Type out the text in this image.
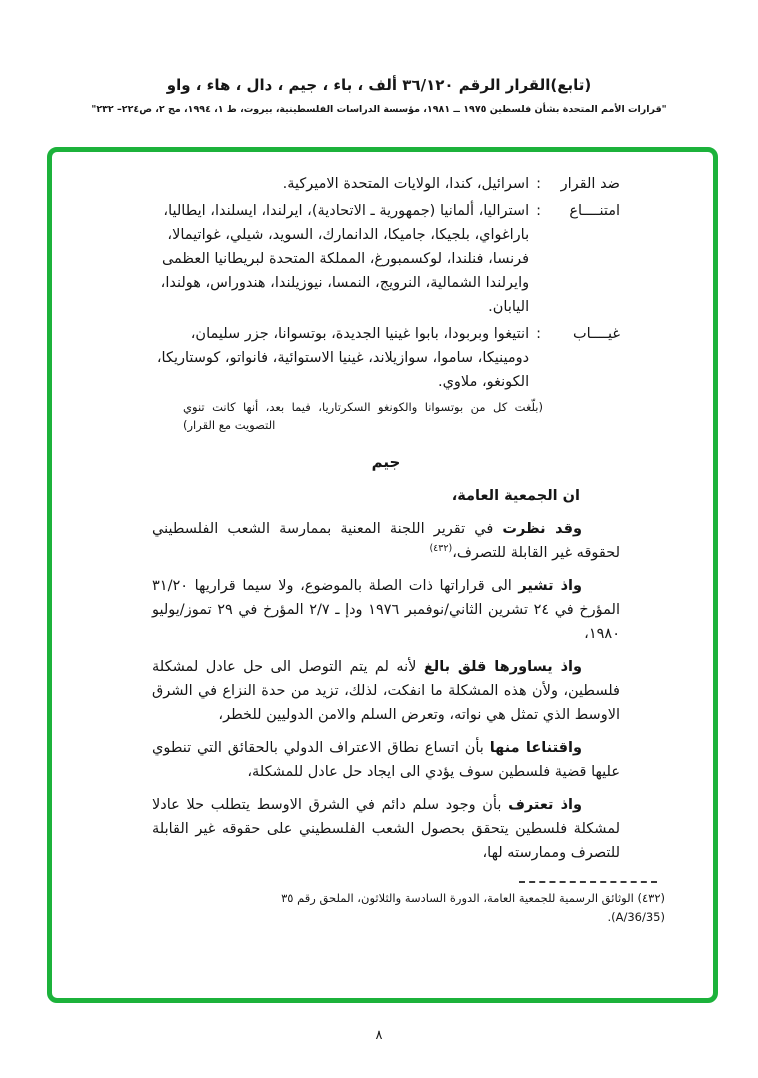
(تابع)القرار الرقم ٣٦/١٢٠ ألف ، باء ، جيم ، دال ، هاء ، واو
"قرارات الأمم المتحدة بشأن فلسطين ١٩٧٥ ــ ١٩٨١، مؤسسة الدراسات الفلسطينية، بيروت، ط ١، ١٩٩٤، مج ٢، ص٢٢٤– ٢٣٢"
ضد القرار
:
اسرائيل، كندا، الولايات المتحدة الاميركية.
امتنــــاع
:
استراليا، ألمانيا (جمهورية ـ الاتحادية)، ايرلندا، ايسلندا، ايطاليا، باراغواي، بلجيكا، جاميكا، الدانمارك، السويد، شيلي، غواتيمالا، فرنسا، فنلندا، لوكسمبورغ، المملكة المتحدة لبريطانيا العظمى وايرلندا الشمالية، النرويج، النمسا، نيوزيلندا، هندوراس، هولندا، اليابان.
غيــــاب
:
انتيغوا وبربودا، بابوا غينيا الجديدة، بوتسوانا، جزر سليمان، دومينيكا، ساموا، سوازيلاند، غينيا الاستوائية، فانواتو، كوستاريكا، الكونغو، ملاوي.
(بلّغت كل من بوتسوانا والكونغو السكرتاريا، فيما بعد، أنها كانت تنوي التصويت مع القرار)
جيم

ان الجمعية العامة،

وقد نظرت في تقرير اللجنة المعنية بممارسة الشعب الفلسطيني لحقوقه غير القابلة للتصرف،$^{(٤٣٢)}$

واذ تشير الى قراراتها ذات الصلة بالموضوع، ولا سيما قراريها ٣١/٢٠ المؤرخ في ٢٤ تشرين الثاني/نوفمبر ١٩٧٦ ودإ ـ ٢/٧ المؤرخ في ٢٩ تموز/يوليو ١٩٨٠،

واذ يساورها قلق بالغ لأنه لم يتم التوصل الى حل عادل لمشكلة فلسطين، ولأن هذه المشكلة ما انفكت، لذلك، تزيد من حدة النزاع في الشرق الاوسط الذي تمثل هي نواته، وتعرض السلم والامن الدوليين للخطر،

واقتناعا منها بأن اتساع نطاق الاعتراف الدولي بالحقائق التي تنطوي عليها قضية فلسطين سوف يؤدي الى ايجاد حل عادل للمشكلة،

واذ تعترف بأن وجود سلم دائم في الشرق الاوسط يتطلب حلا عادلا لمشكلة فلسطين يتحقق بحصول الشعب الفلسطيني على حقوقه غير القابلة للتصرف وممارسته لها،

(٤٣٢) الوثائق الرسمية للجمعية العامة، الدورة السادسة والثلاثون، الملحق رقم ٣٥ (A/36/35).
٨
